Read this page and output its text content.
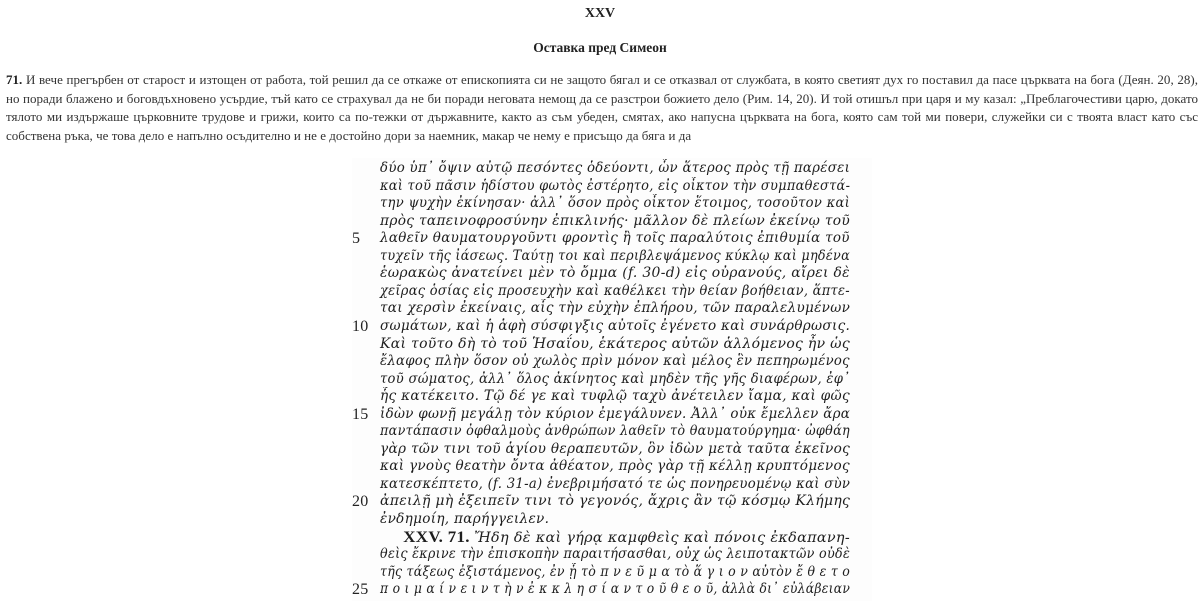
XXV
Оставка пред Симеон
71. И вече прегърбен от старост и изтощен от работа, той решил да се откаже от епископията си не защото бягал и се отказвал от службата, в която светият дух го поставил да пасе църквата на бога (Деян. 20, 28), но поради блажено и боговдъхновено усърдие, тъй като се страхувал да не би поради неговата немощ да се разстрои божието дело (Рим. 14, 20). И той отишъл при царя и му казал: „Преблагочестиви царю, докато тялото ми издържаше църковните трудове и грижи, които са по-тежки от държавните, както аз съм убеден, смятах, ако напусна църквата на бога, която сам той ми повери, служейки си с твоята власт като със собствена ръка, че това дело е напълно осъдително и не е достойно дори за наемник, макар че нему е присъщо да бяга и да
δύο ὑπ᾽ ὄψιν αὐτῷ πεσόντες ὁδεύοντι, ὧν ἅτερος πρὸς τῇ παρέσει
καὶ τοῦ πᾶσιν ἡδίστου φωτὸς ἐστέρητο, εἰς οἶκτον τὴν συμπαθεστά-
την ψυχὴν ἐκίνησαν· ἀλλ᾽ ὅσον πρὸς οἶκτον ἕτοιμος, τοσοῦτον καὶ
πρὸς ταπεινοφροσύνην ἐπικλινής· μᾶλλον δὲ πλείων ἐκείνῳ τοῦ
5 λαθεῖν θαυματουργοῦντι φροντὶς ἢ τοῖς παραλύτοις ἐπιθυμία τοῦ
τυχεῖν τῆς ἰάσεως. Ταύτῃ τοι καὶ περιβλεψάμενος κύκλῳ καὶ μηδένα
ἑωρακὼς ἀνατείνει μὲν τὸ ὄμμα (f. 30-d) εἰς οὐρανούς, αἴρει δὲ
χεῖρας ὁσίας εἰς προσευχὴν καὶ καθέλκει τὴν θείαν βοήθειαν, ἅπτε-
ται χερσὶν ἐκείναις, αἷς τὴν εὐχὴν ἐπλήρου, τῶν παραλελυμένων
10 σωμάτων, καὶ ἡ ἁφὴ σύσφιγξις αὐτοῖς ἐγένετο καὶ συνάρθρωσις.
Καὶ τοῦτο δὴ τὸ τοῦ Ἡσαΐου, ἑκάτερος αὐτῶν ἁλλόμενος ἦν ὡς
ἔλαφος πλὴν ὅσον οὐ χωλὸς πρὶν μόνον καὶ μέλος ἓν πεπηρωμένος
τοῦ σώματος, ἀλλ᾽ ὅλος ἀκίνητος καὶ μηδὲν τῆς γῆς διαφέρων, ἐφ᾽
ἧς κατέκειτο. Τῷ δέ γε καὶ τυφλῷ ταχὺ ἀνέτειλεν ἴαμα, καὶ φῶς
15 ἰδὼν φωνῇ μεγάλῃ τὸν κύριον ἐμεγάλυνεν. Ἀλλ᾽ οὐκ ἔμελλεν ἄρα
παντάπασιν ὀφθαλμοὺς ἀνθρώπων λαθεῖν τὸ θαυματούργημα· ὠφθάη
γὰρ τῶν τινι τοῦ ἁγίου θεραπευτῶν, ὃν ἰδὼν μετὰ ταῦτα ἐκεῖνος
καὶ γνοὺς θεατὴν ὄντα ἀθέατον, πρὸς γὰρ τῇ κέλλῃ κρυπτόμενος
κατεσκέπτετο, (f. 31-a) ἐνεβριμήσατό τε ὡς πονηρευομένῳ καὶ σὺν
20 ἀπειλῇ μὴ ἐξειπεῖν τινι τὸ γεγονός, ἄχρις ἂν τῷ κόσμῳ Κλήμης
ἐνδημοίη, παρήγγειλεν.
XXV. 71. Ἤδη δὲ καὶ γήρᾳ καμφθεὶς καὶ πόνοις ἐκδαπανη-
θεὶς ἔκρινε τὴν ἐπισκοπὴν παραιτήσασθαι, οὐχ ὡς λειποτακτῶν οὐδὲ
τῆς τάξεως ἐξιστάμενος, ἐν ᾗ τὸ π ν ε ῦ μ α τὸ ἅ γ ι ο ν αὐτὸν ἔ θ ε τ ο
25 π ο ι μ α ί ν ε ι ν τ ὴ ν ἐ κ κ λ η σ ί α ν τ ο ῦ θ ε ο ῦ, ἀλλὰ δι᾽ εὐλάβειαν
